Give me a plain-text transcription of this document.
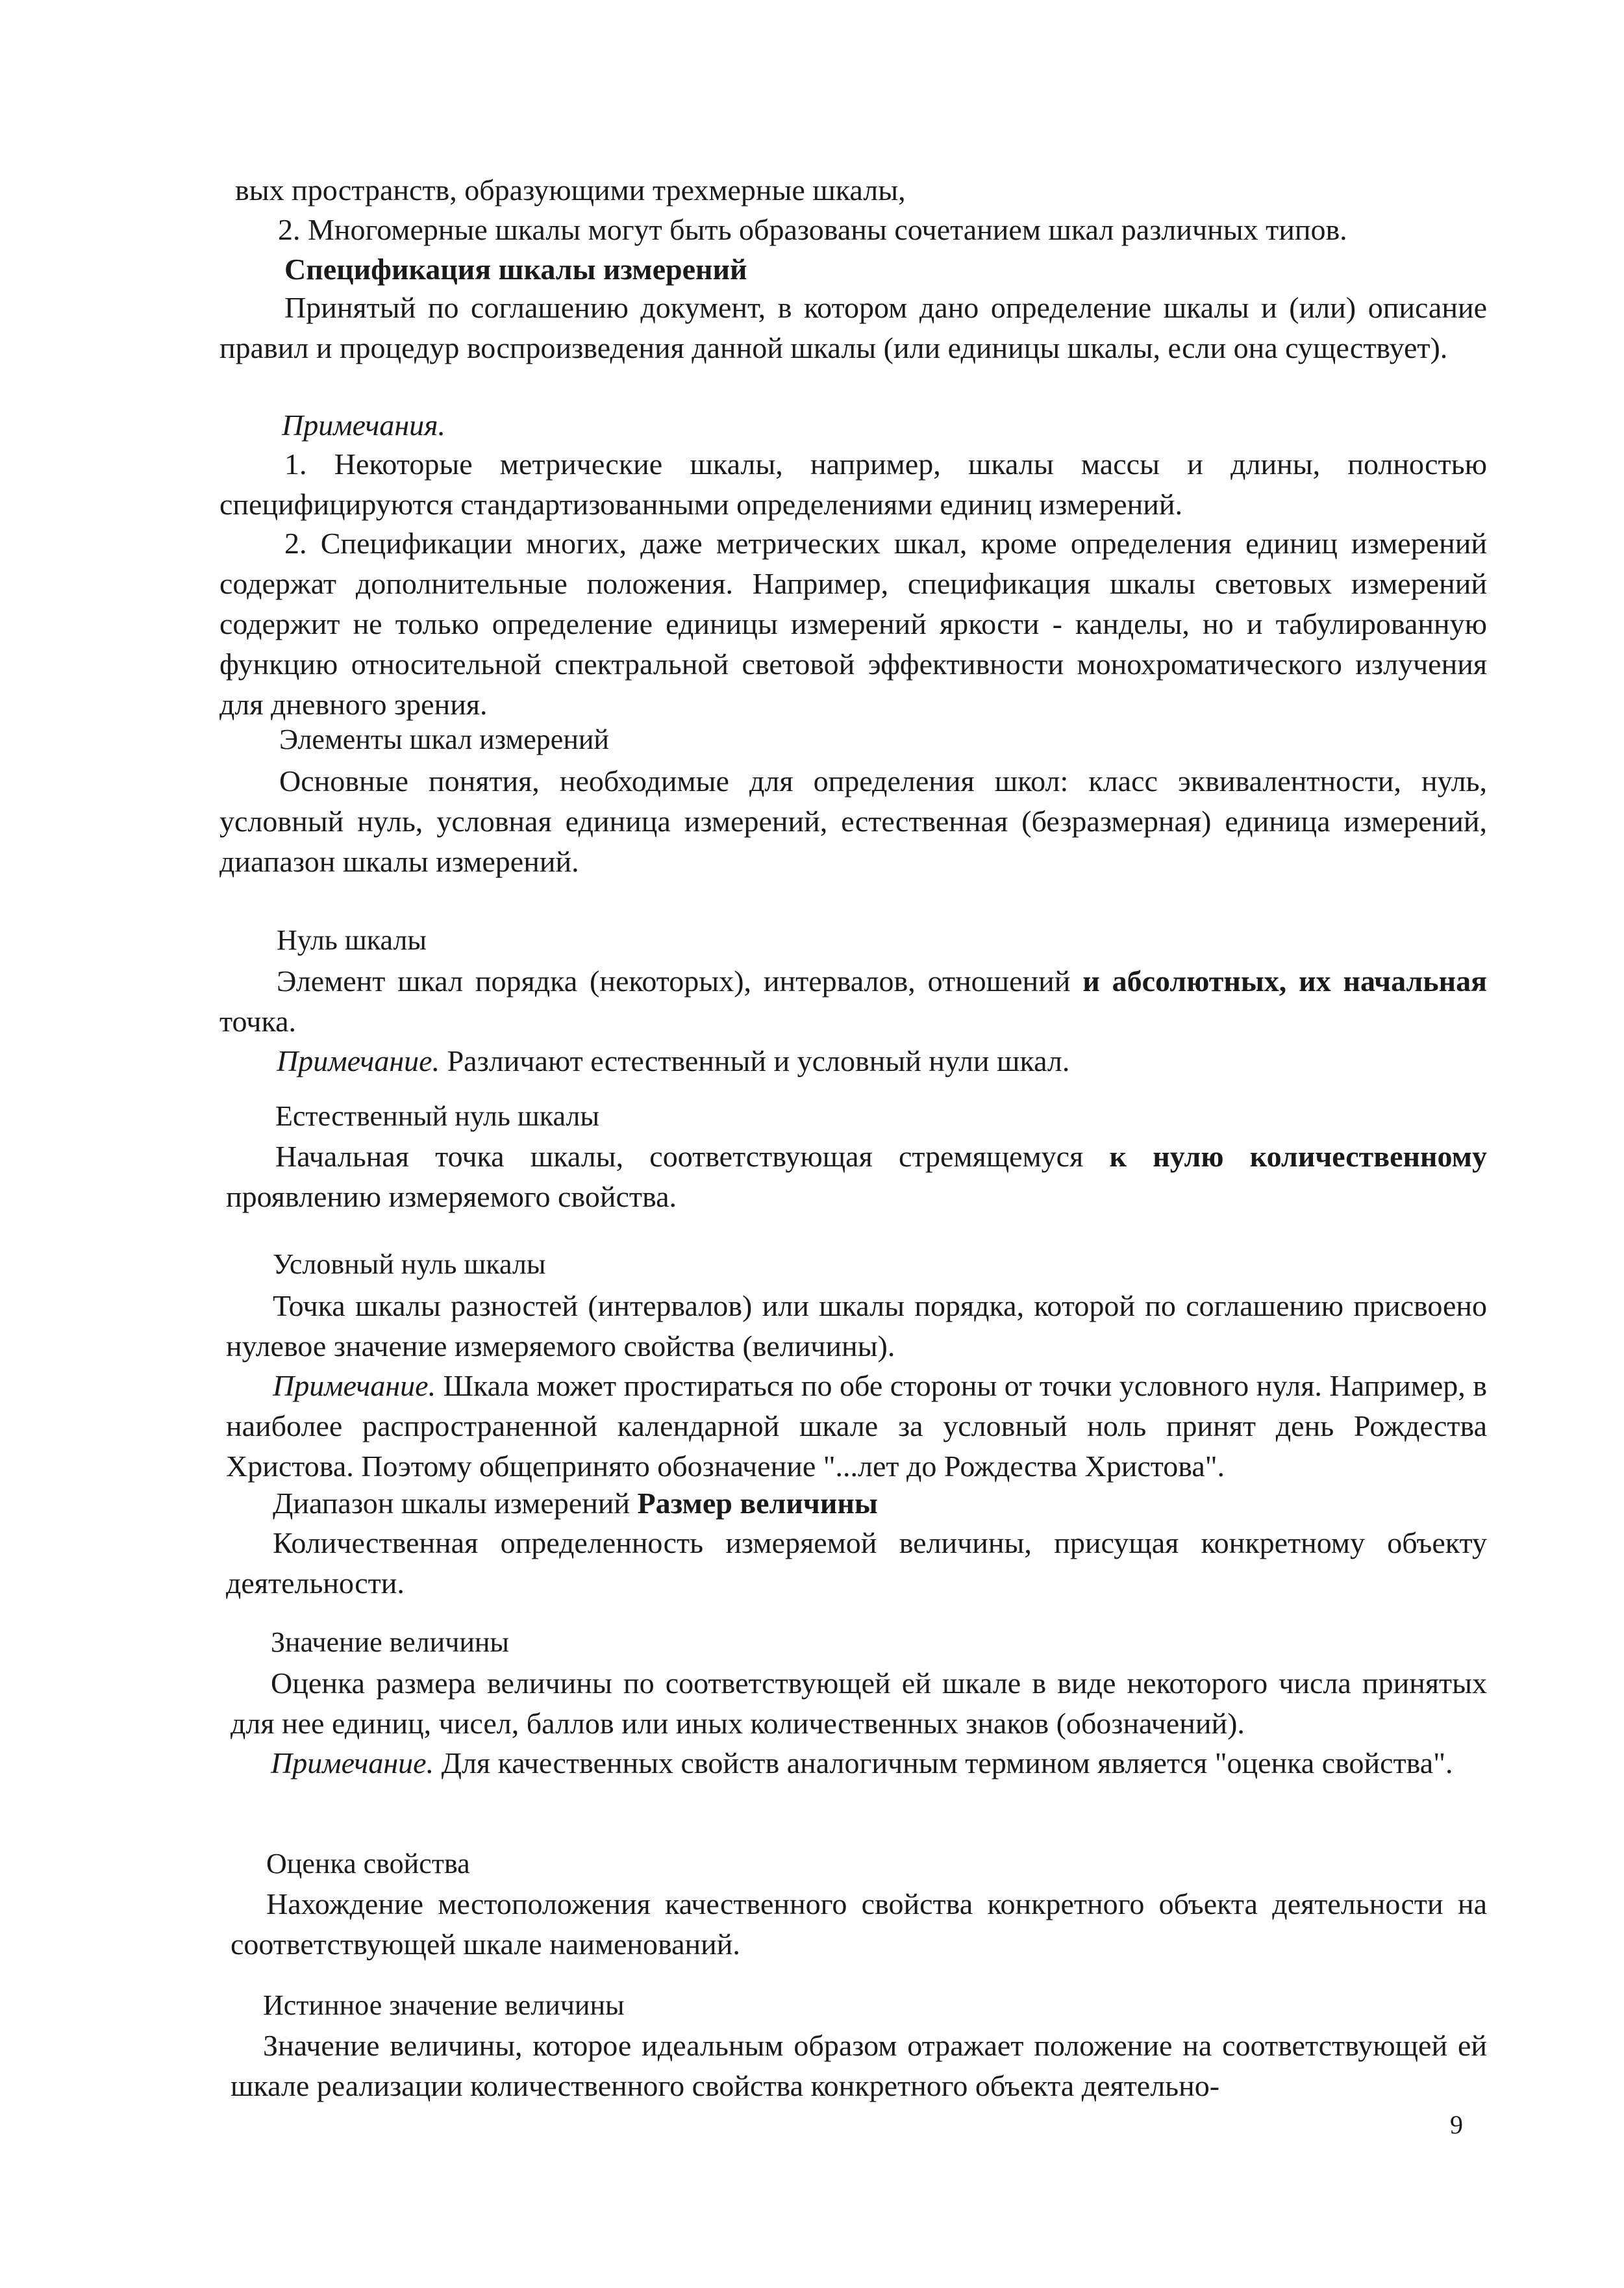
вых пространств, образующими трехмерные шкалы,

2. Многомерные шкалы могут быть образованы сочетанием шкал различных типов.

Спецификация шкалы измерений

Принятый по соглашению документ, в котором дано определение шкалы и (или) описание правил и процедур воспроизведения данной шкалы (или единицы шкалы, если она существует).

Примечания.

1. Некоторые метрические шкалы, например, шкалы массы и длины, полностью специфицируются стандартизованными определениями единиц измерений.

2. Спецификации многих, даже метрических шкал, кроме определения единиц измерений содержат дополнительные положения. Например, спецификация шкалы световых измерений содержит не только определение единицы измерений яркости - канделы, но и табулированную функцию относительной спектральной световой эффективности монохроматического излучения для дневного зрения.

Элементы шкал измерений

Основные понятия, необходимые для определения школ: класс эквивалентности, нуль, условный нуль, условная единица измерений, естественная (безразмерная) единица измерений, диапазон шкалы измерений.

Нуль шкалы

Элемент шкал порядка (некоторых), интервалов, отношений и абсолютных, их начальная точка.

Примечание. Различают естественный и условный нули шкал.

Естественный нуль шкалы

Начальная точка шкалы, соответствующая стремящемуся к нулю количественному проявлению измеряемого свойства.

Условный нуль шкалы

Точка шкалы разностей (интервалов) или шкалы порядка, которой по соглашению присвоено нулевое значение измеряемого свойства (величины).

Примечание. Шкала может простираться по обе стороны от точки условного нуля. Например, в наиболее распространенной календарной шкале за условный ноль принят день Рождества Христова. Поэтому общепринято обозначение "...лет до Рождества Христова".

Диапазон шкалы измерений Размер величины

Количественная определенность измеряемой величины, присущая конкретному объекту деятельности.

Значение величины

Оценка размера величины по соответствующей ей шкале в виде некоторого числа принятых для нее единиц, чисел, баллов или иных количественных знаков (обозначений).

Примечание. Для качественных свойств аналогичным термином является "оценка свойства".

Оценка свойства

Нахождение местоположения качественного свойства конкретного объекта деятельности на соответствующей шкале наименований.

Истинное значение величины

Значение величины, которое идеальным образом отражает положение на соответствующей ей шкале реализации количественного свойства конкретного объекта деятельно-

9
